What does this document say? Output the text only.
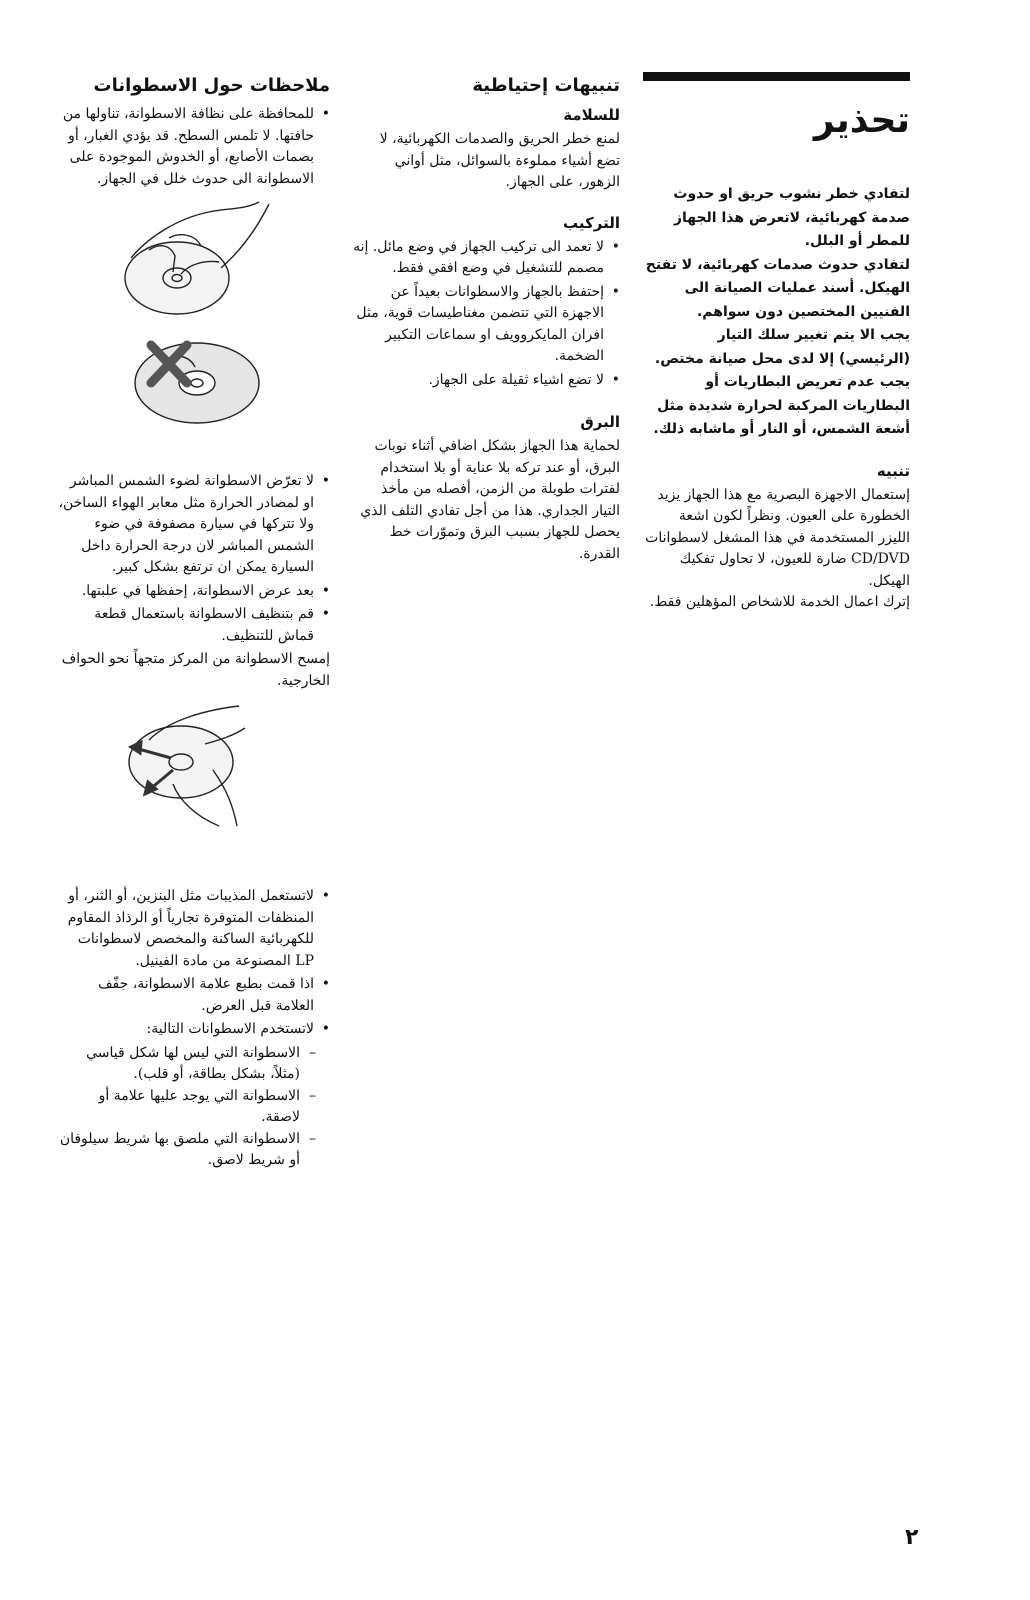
تحذير

لتفادي خطر نشوب حريق او حدوث صدمة كهربائية، لاتعرض هذا الجهاز للمطر أو البلل.

لتفادي حدوث صدمات كهربائية، لا تفتح الهيكل. أسند عمليات الصيانة الى الفنيين المختصين دون سواهم.

يجب الا يتم تغيير سلك التيار (الرئيسي) إلا لدى محل صيانة مختص.

يجب عدم تعريض البطاريات أو البطاريات المركبة لحرارة شديدة مثل أشعة الشمس، أو النار أو ماشابه ذلك.

تنبيه

إستعمال الاجهزة البصرية مع هذا الجهاز يزيد الخطورة على العيون. ونظراً لكون اشعة الليزر المستخدمة في هذا المشغل لاسطوانات CD/DVD ضارة للعيون، لا تحاول تفكيك الهيكل.

إترك اعمال الخدمة للاشخاص المؤهلين فقط.

تنبيهات إحتياطية
للسلامة

لمنع خطر الحريق والصدمات الكهربائية، لا تضع أشياء مملوءة بالسوائل، مثل أواني الزهور، على الجهاز.

التركيب
• لا تعمد الى تركيب الجهاز في وضع مائل. إنه مصمم للتشغيل في وضع افقي فقط.
• إحتفظ بالجهاز والاسطوانات بعيداً عن الاجهزة التي تتضمن مغناطيسات قوية، مثل افران المايكروويف او سماعات التكبير الضخمة.
• لا تضع اشياء ثقيلة على الجهاز.
البرق

لحماية هذا الجهاز بشكل اضافي أثناء نوبات البرق، أو عند تركه بلا عناية أو بلا استخدام لفترات طويلة من الزمن، أفصله من مأخذ التيار الجداري. هذا من أجل تفادي التلف الذي يحصل للجهاز بسبب البرق وتموّرات خط القدرة.

ملاحظات حول الاسطوانات
• للمحافظة على نظافة الاسطوانة، تناولها من حافتها. لا تلمس السطح. قد يؤدي الغبار، أو بصمات الأصابع، أو الخدوش الموجودة على الاسطوانة الى حدوث خلل في الجهاز.
• لا تعرّض الاسطوانة لضوء الشمس المباشر او لمصادر الحرارة مثل معابر الهواء الساخن، ولا تتركها في سيارة مصفوفة في ضوء الشمس المباشر لان درجة الحرارة داخل السيارة يمكن ان ترتفع بشكل كبير.
• بعد عرض الاسطوانة، إحفظها في علبتها.
• قم بتنظيف الاسطوانة باستعمال قطعة قماش للتنظيف.

إمسح الاسطوانة من المركز متجهاً نحو الحواف الخارجية.

• لاتستعمل المذيبات مثل البنزين، أو الثنر، أو المنظفات المتوفرة تجارياً أو الرذاذ المقاوم للكهربائية الساكنة والمخصص لاسطوانات LP المصنوعة من مادة الفينيل.
• اذا قمت بطبع علامة الاسطوانة، جفّف العلامة قبل العرض.
• لاتستخدم الاسطوانات التالية:
– الاسطوانة التي ليس لها شكل قياسي (مثلاً، بشكل بطاقة، أو قلب).
– الاسطوانة التي يوجد عليها علامة أو لاصقة.
– الاسطوانة التي ملصق بها شريط سيلوفان أو شريط لاصق.
٢
